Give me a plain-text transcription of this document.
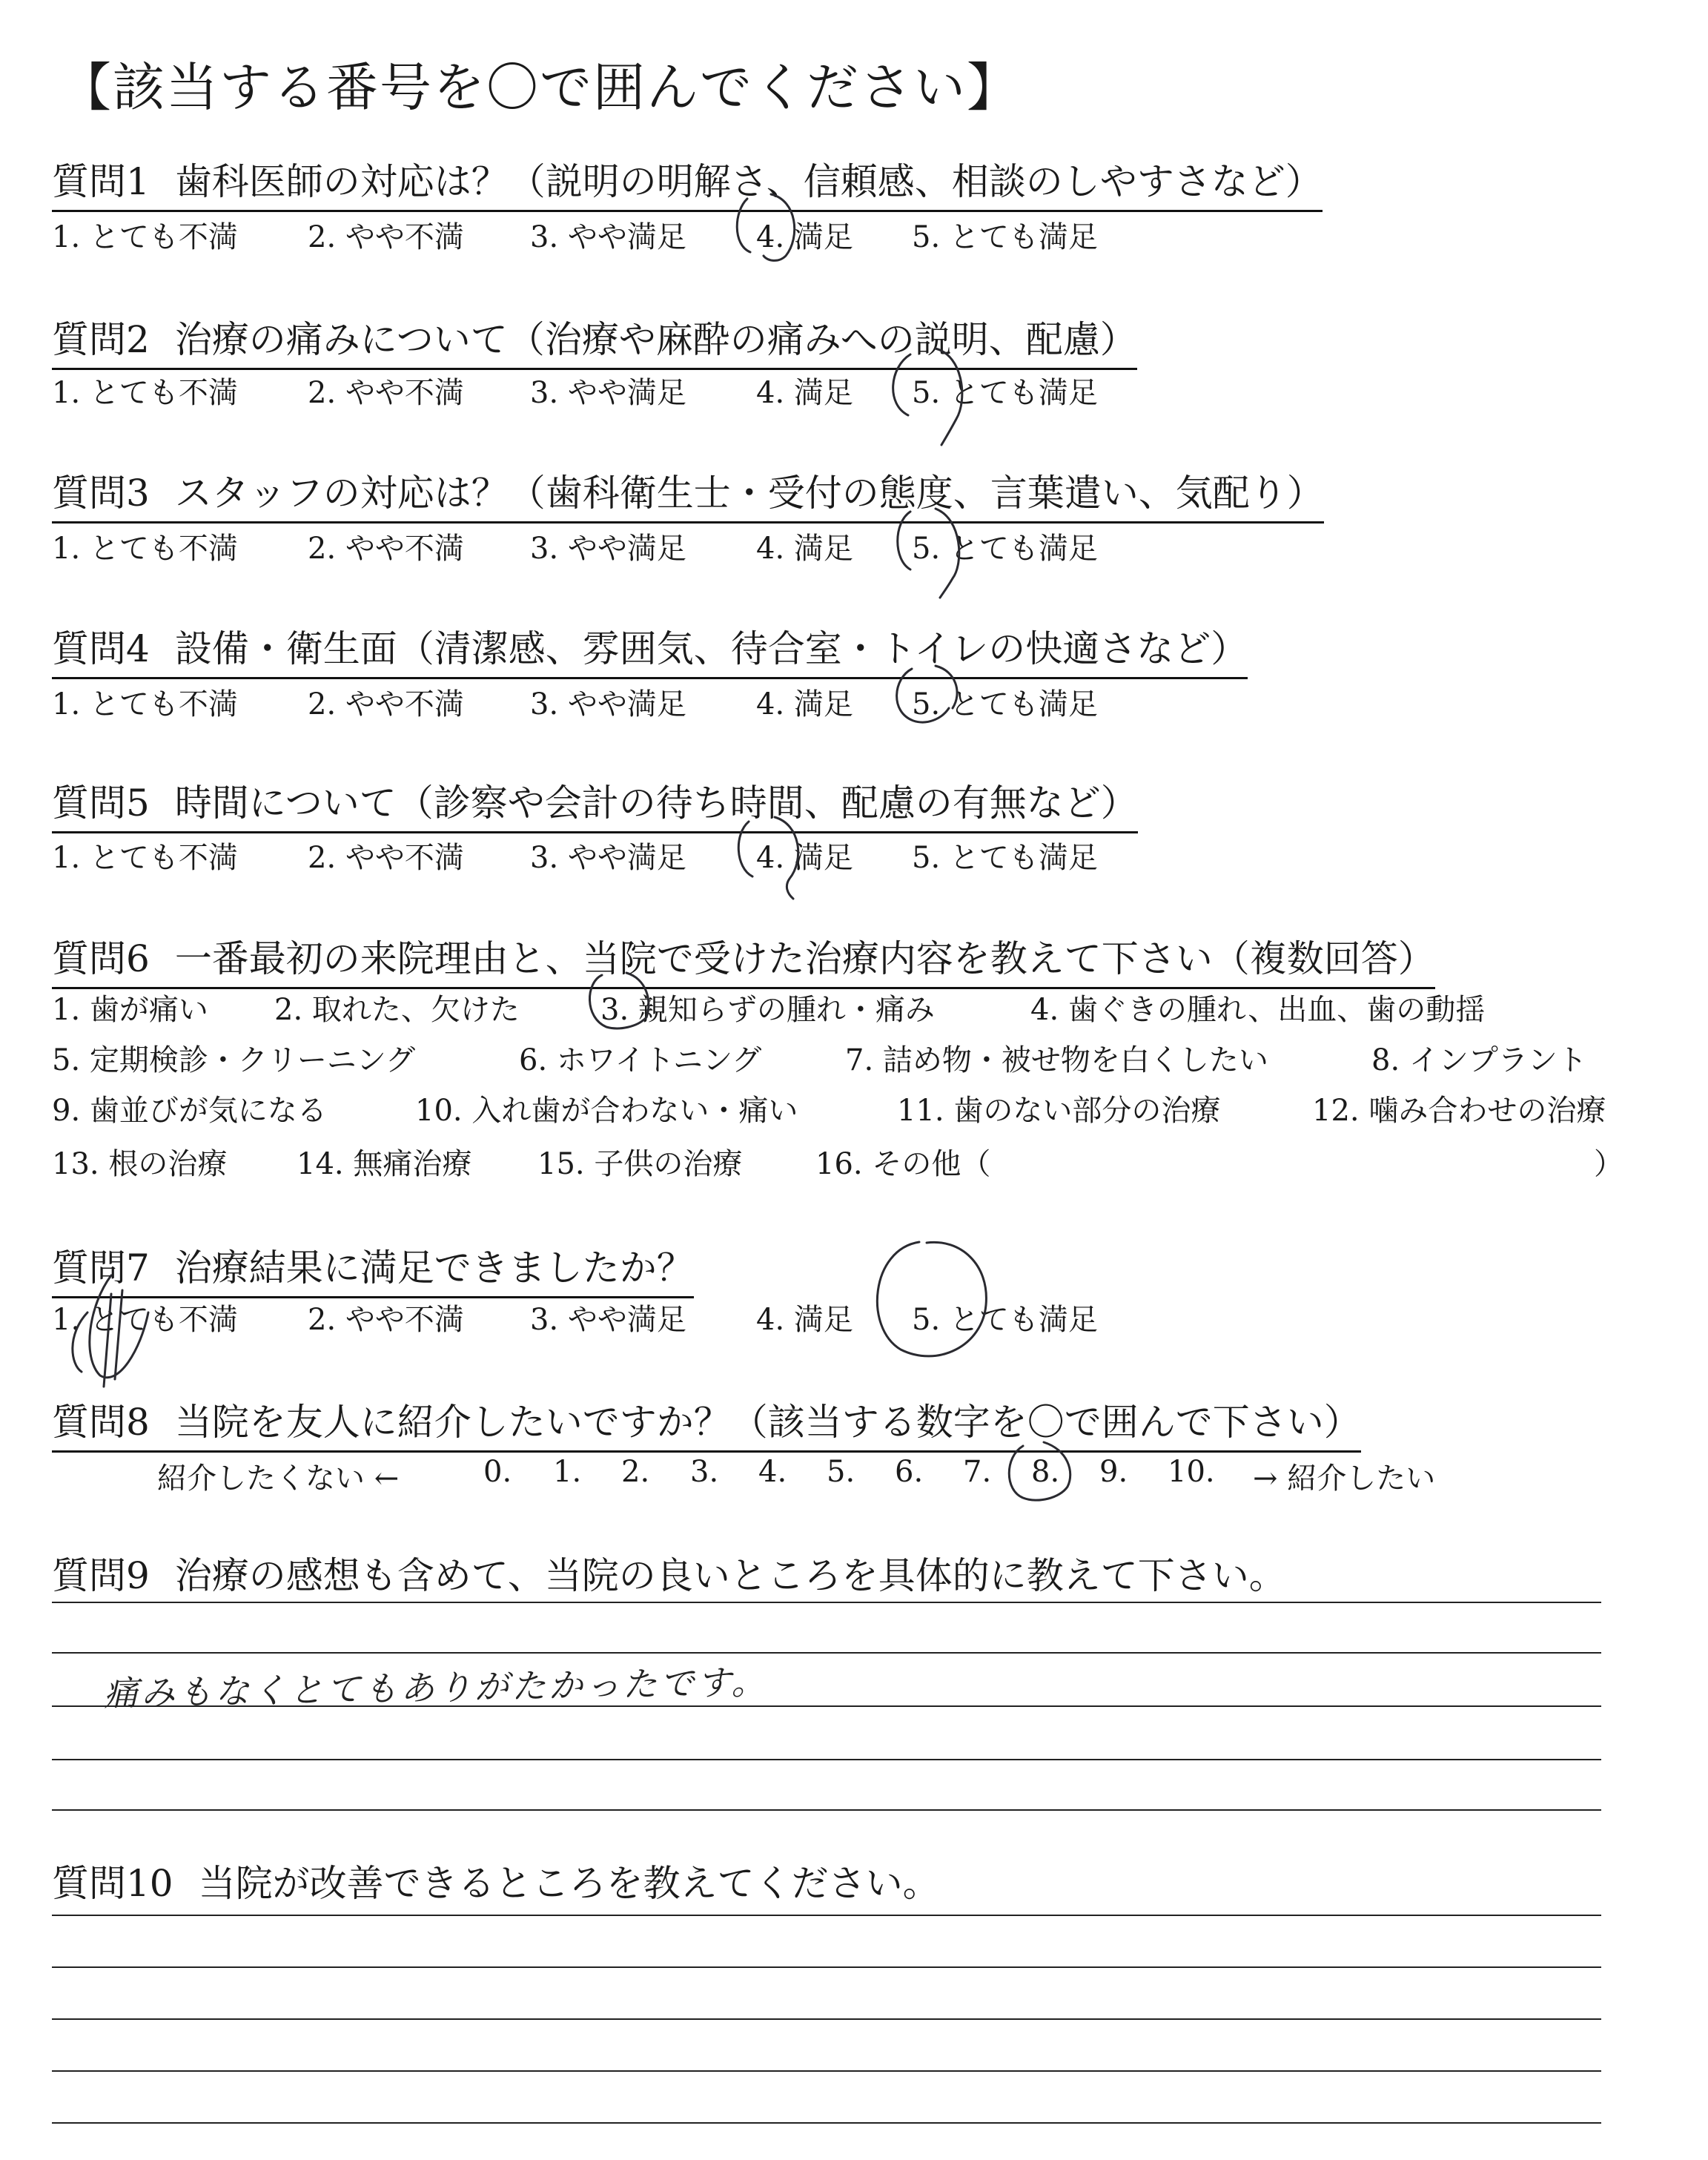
【該当する番号を〇で囲んでください】
質問1 歯科医師の対応は？（説明の明解さ、信頼感、相談のしやすさなど）
1. とても不満 2. やや不満 3. やや満足 4. 満足 5. とても満足
質問2 治療の痛みについて（治療や麻酔の痛みへの説明、配慮）
1. とても不満 2. やや不満 3. やや満足 4. 満足 5. とても満足
質問3 スタッフの対応は？（歯科衛生士・受付の態度、言葉遣い、気配り）
1. とても不満 2. やや不満 3. やや満足 4. 満足 5. とても満足
質問4 設備・衛生面（清潔感、雰囲気、待合室・トイレの快適さなど）
1. とても不満 2. やや不満 3. やや満足 4. 満足 5. とても満足
質問5 時間について（診察や会計の待ち時間、配慮の有無など）
1. とても不満 2. やや不満 3. やや満足 4. 満足 5. とても満足
質問6 一番最初の来院理由と、当院で受けた治療内容を教えて下さい（複数回答）
1. 歯が痛い 2. 取れた、欠けた	3. 親知らずの腫れ・痛み	4. 歯ぐきの腫れ、出血、歯の動揺
5. 定期検診・クリーニング	6. ホワイトニング	7. 詰め物・被せ物を白くしたい	8. インプラント
9. 歯並びが気になる	10. 入れ歯が合わない・痛い	11. 歯のない部分の治療	12. 噛み合わせの治療
13. 根の治療 14. 無痛治療 15. 子供の治療 16. その他（	）
質問7 治療結果に満足できましたか？
1. とても不満 2. やや不満 3. やや満足 4. 満足 5. とても満足
質問8 当院を友人に紹介したいですか？（該当する数字を〇で囲んで下さい）
紹介したくない ←	0. 1. 2. 3. 4. 5. 6. 7. 8. 9. 10. → 紹介したい
質問9 治療の感想も含めて、当院の良いところを具体的に教えて下さい。
痛みもなくとてもありがたかったです。
質問10 当院が改善できるところを教えてください。
